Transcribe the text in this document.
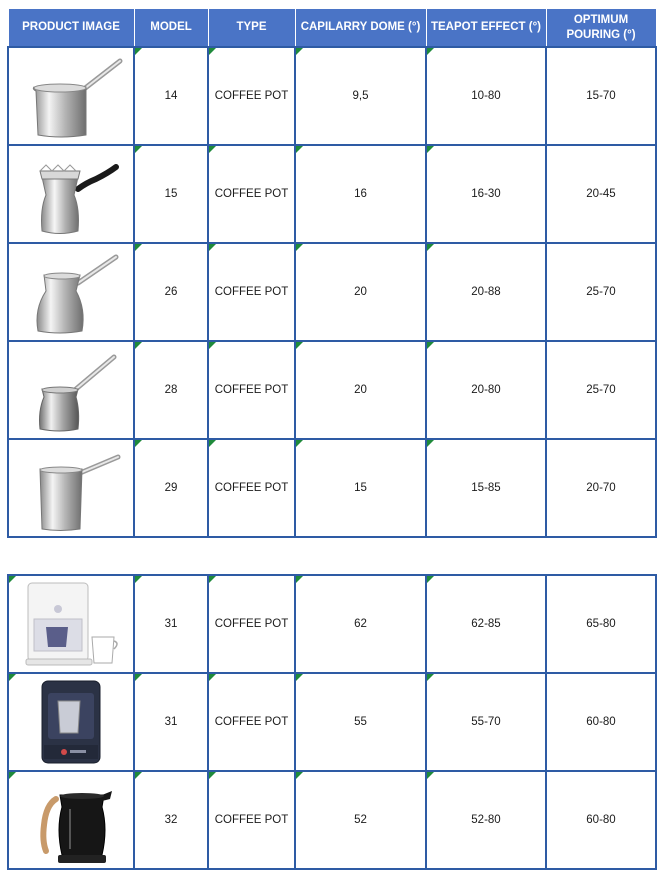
PRODUCT IMAGE	MODEL	TYPE	CAPILARRY DOME (°)	TEAPOT EFFECT (°)	OPTIMUM POURING (°)

	14	COFFEE POT	9,5	10-80	15-70

	15	COFFEE POT	16	16-30	20-45

	26	COFFEE POT	20	20-88	25-70

	28	COFFEE POT	20	20-80	25-70

	29	COFFEE POT	15	15-85	20-70
	31	COFFEE POT	62	62-85	65-80

	31	COFFEE POT	55	55-70	60-80

	32	COFFEE POT	52	52-80	60-80
